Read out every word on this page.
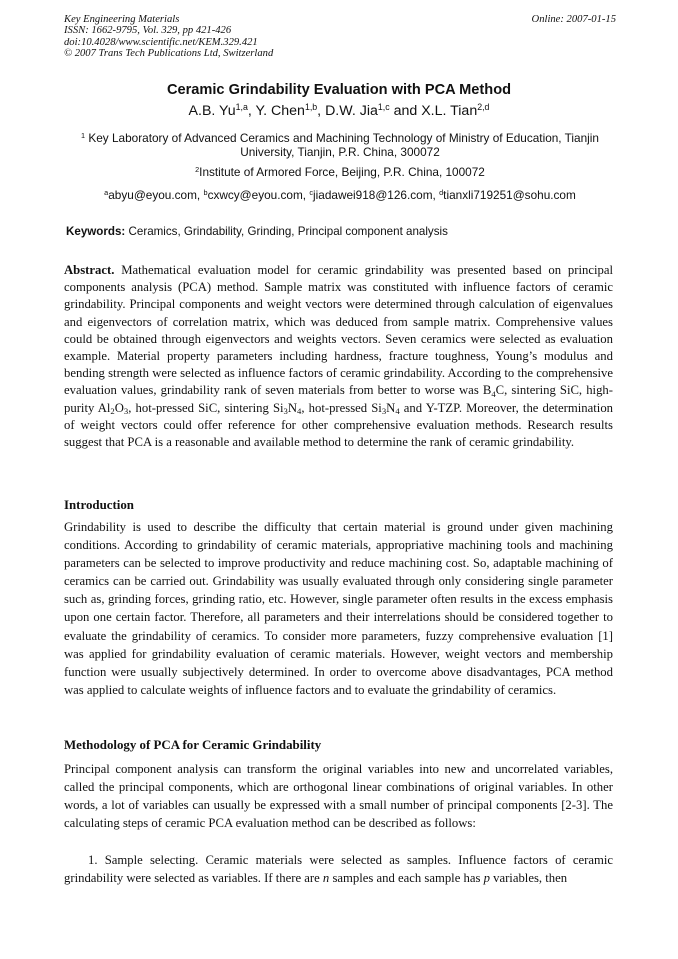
Key Engineering Materials
ISSN: 1662-9795, Vol. 329, pp 421-426
doi:10.4028/www.scientific.net/KEM.329.421
© 2007 Trans Tech Publications Ltd, Switzerland
Online: 2007-01-15
Ceramic Grindability Evaluation with PCA Method
A.B. Yu$^{1,a}$, Y. Chen$^{1,b}$, D.W. Jia$^{1,c}$ and X.L. Tian$^{2,d}$
$^1$ Key Laboratory of Advanced Ceramics and Machining Technology of Ministry of Education, Tianjin University, Tianjin, P.R. China, 300072
$^2$Institute of Armored Force, Beijing, P.R. China, 100072
$^a$abyu@eyou.com, $^b$cxwcy@eyou.com, $^c$jiadawei918@126.com, $^d$tianxli719251@sohu.com
Keywords: Ceramics, Grindability, Grinding, Principal component analysis
Abstract. Mathematical evaluation model for ceramic grindability was presented based on principal components analysis (PCA) method. Sample matrix was constituted with influence factors of ceramic grindability. Principal components and weight vectors were determined through calculation of eigenvalues and eigenvectors of correlation matrix, which was deduced from sample matrix. Comprehensive values could be obtained through eigenvectors and weights vectors. Seven ceramics were selected as evaluation example. Material property parameters including hardness, fracture toughness, Young’s modulus and bending strength were selected as influence factors of ceramic grindability. According to the comprehensive evaluation values, grindability rank of seven materials from better to worse was $B_4C$, sintering SiC, high-purity $Al_2O_3$, hot-pressed SiC, sintering $Si_3N_4$, hot-pressed $Si_3N_4$ and Y-TZP. Moreover, the determination of weight vectors could offer reference for other comprehensive evaluation methods. Research results suggest that PCA is a reasonable and available method to determine the rank of ceramic grindability.
Introduction
Grindability is used to describe the difficulty that certain material is ground under given machining conditions. According to grindability of ceramic materials, appropriative machining tools and machining parameters can be selected to improve productivity and reduce machining cost. So, adaptable machining of ceramics can be carried out. Grindability was usually evaluated through only considering single parameter such as, grinding forces, grinding ratio, etc. However, single parameter often results in the excess emphasis upon one certain factor. Therefore, all parameters and their interrelations should be considered together to evaluate the grindability of ceramics. To consider more parameters, fuzzy comprehensive evaluation [1] was applied for grindability evaluation of ceramic materials. However, weight vectors and membership function were usually subjectively determined. In order to overcome above disadvantages, PCA method was applied to calculate weights of influence factors and to evaluate the grindability of ceramics.
Methodology of PCA for Ceramic Grindability
Principal component analysis can transform the original variables into new and uncorrelated variables, called the principal components, which are orthogonal linear combinations of original variables. In other words, a lot of variables can usually be expressed with a small number of principal components [2-3]. The calculating steps of ceramic PCA evaluation method can be described as follows:
1. Sample selecting. Ceramic materials were selected as samples. Influence factors of ceramic grindability were selected as variables. If there are n samples and each sample has p variables, then
